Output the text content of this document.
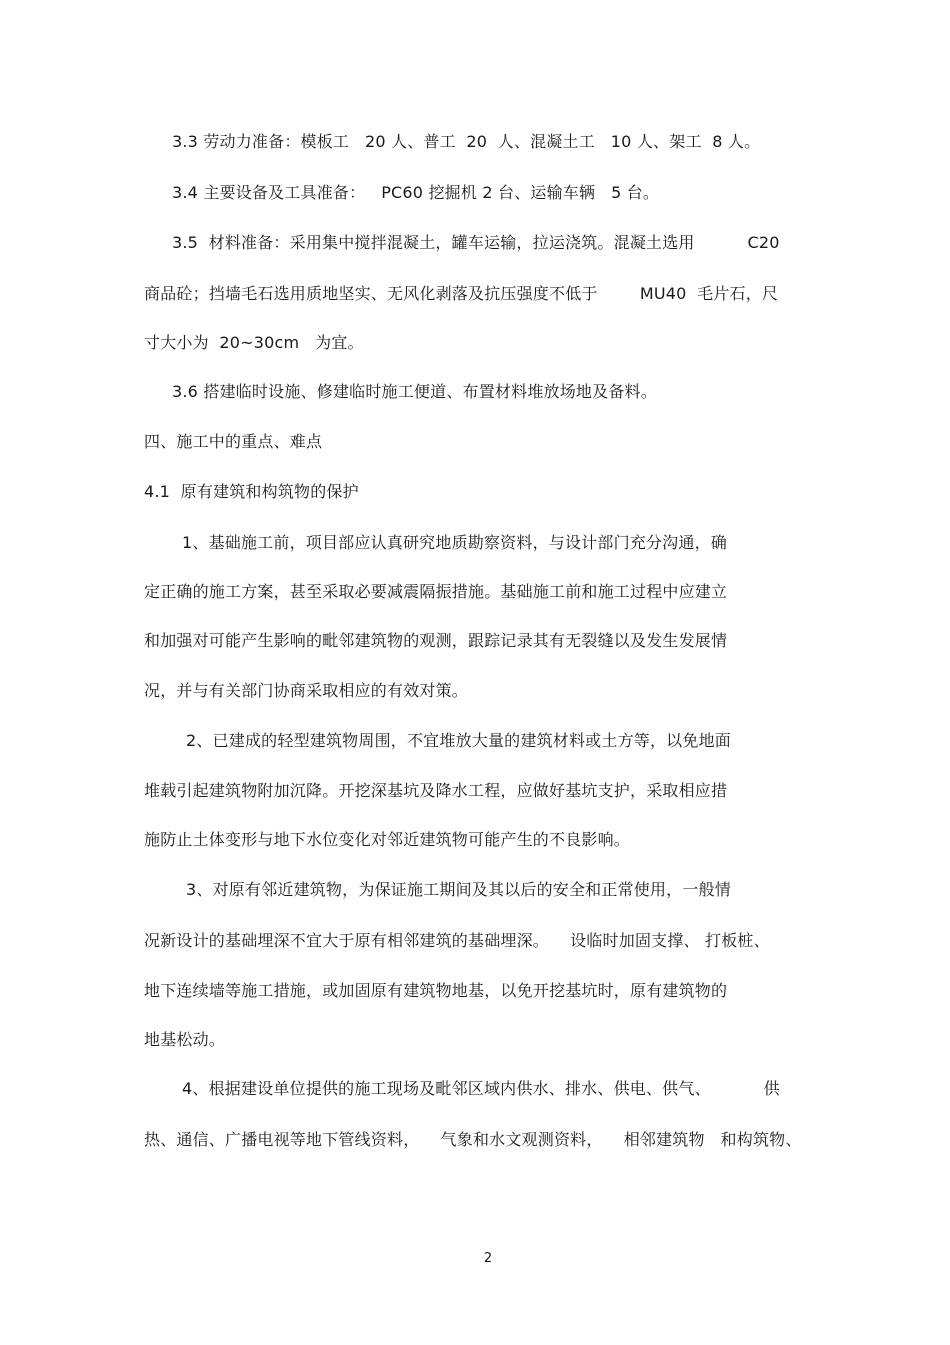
3.3 劳动力准备：模板工   20 人、普工  20  人、混凝土工   10 人、架工  8 人。
3.4 主要设备及工具准备：   PC60 挖掘机 2 台、运输车辆   5 台。
3.5  材料准备：采用集中搅拌混凝土，罐车运输，拉运浇筑。混凝土选用          C20
商品砼；挡墙毛石选用质地坚实、无风化剥落及抗压强度不低于        MU40  毛片石，尺
寸大小为  20~30cm   为宜。
3.6 搭建临时设施、修建临时施工便道、布置材料堆放场地及备料。
四、施工中的重点、难点
4.1  原有建筑和构筑物的保护
1、基础施工前，项目部应认真研究地质勘察资料，与设计部门充分沟通，确
定正确的施工方案，甚至采取必要减震隔振措施。基础施工前和施工过程中应建立
和加强对可能产生影响的毗邻建筑物的观测，跟踪记录其有无裂缝以及发生发展情
况，并与有关部门协商采取相应的有效对策。
2、已建成的轻型建筑物周围，不宜堆放大量的建筑材料或土方等，以免地面
堆载引起建筑物附加沉降。开挖深基坑及降水工程，应做好基坑支护，采取相应措
施防止土体变形与地下水位变化对邻近建筑物可能产生的不良影响。
3、对原有邻近建筑物，为保证施工期间及其以后的安全和正常使用，一般情
况新设计的基础埋深不宜大于原有相邻建筑的基础埋深。    设临时加固支撑、 打板桩、
地下连续墙等施工措施，或加固原有建筑物地基，以免开挖基坑时，原有建筑物的
地基松动。
4、根据建设单位提供的施工现场及毗邻区域内供水、排水、供电、供气、          供
热、通信、广播电视等地下管线资料，    气象和水文观测资料，    相邻建筑物   和构筑物、
2
